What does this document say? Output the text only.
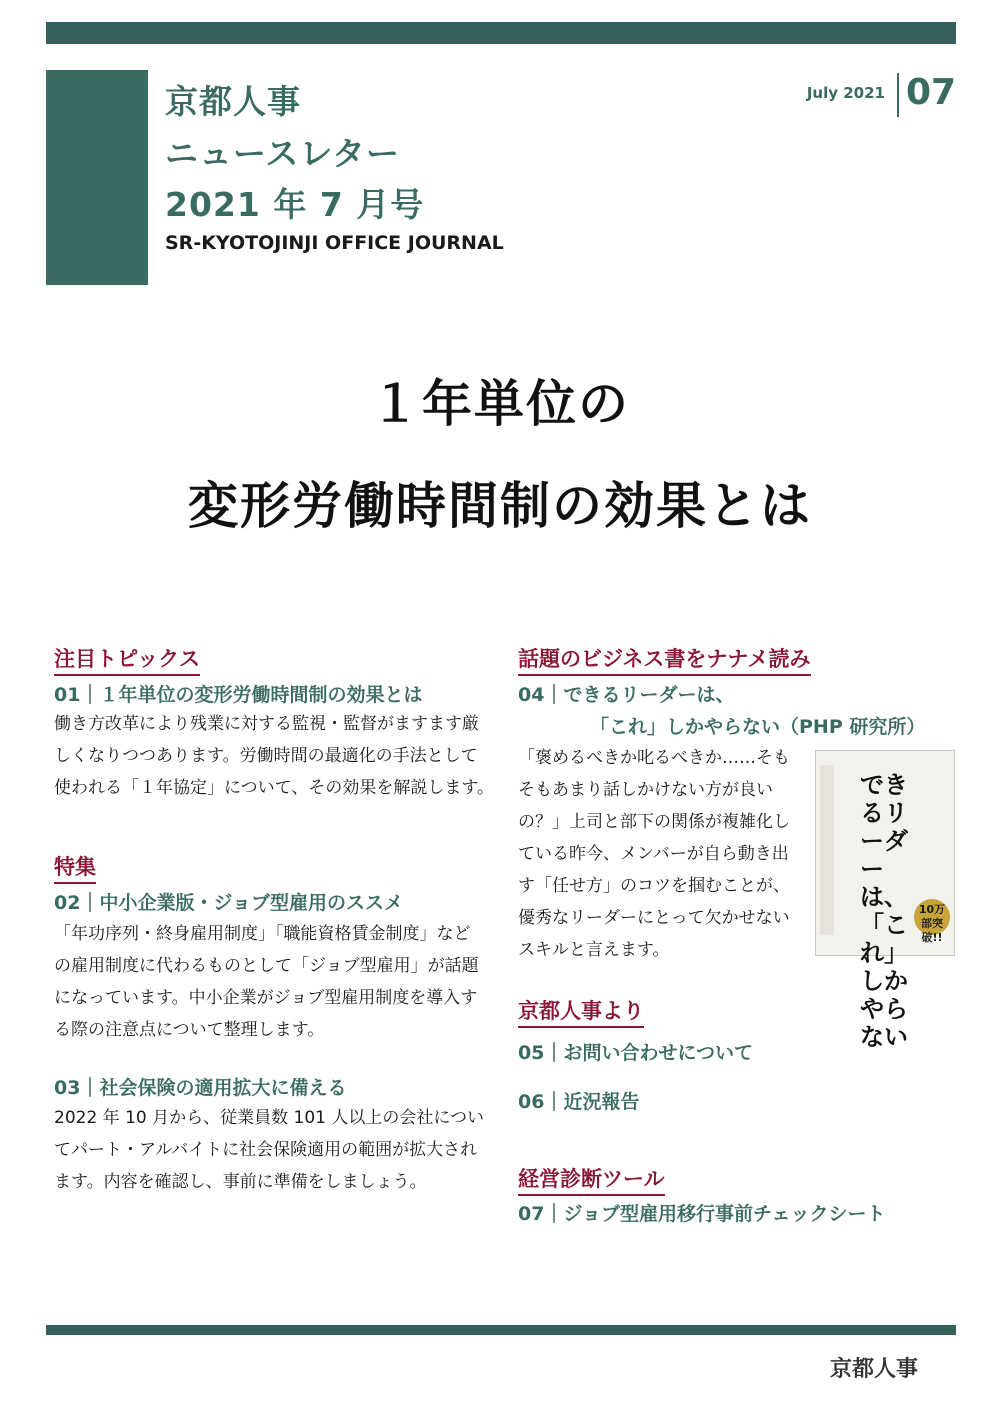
京都人事
ニュースレター
2021 年 7 月号
SR-KYOTOJINJI OFFICE JOURNAL
July 2021 07
１年単位の
変形労働時間制の効果とは
注目トピックス
01｜１年単位の変形労働時間制の効果とは
働き方改革により残業に対する監視・監督がますます厳
しくなりつつあります。労働時間の最適化の手法として
使われる「１年協定」について、その効果を解説します。
特集
02｜中小企業版・ジョブ型雇用のススメ
「年功序列・終身雇用制度」「職能資格賃金制度」など
の雇用制度に代わるものとして「ジョブ型雇用」が話題
になっています。中小企業がジョブ型雇用制度を導入す
る際の注意点について整理します。
03｜社会保険の適用拡大に備える
2022 年 10 月から、従業員数 101 人以上の会社につい
てパート・アルバイトに社会保険適用の範囲が拡大され
ます。内容を確認し、事前に準備をしましょう。
話題のビジネス書をナナメ読み
04｜できるリーダーは、
「これ」しかやらない（PHP 研究所）
「褒めるべきか叱るべきか……そも
そもあまり話しかけない方が良い
の？」上司と部下の関係が複雑化し
ている昨今、メンバーが自ら動き出
す「任せ方」のコツを掴むことが、
優秀なリーダーにとって欠かせない
スキルと言えます。
できるリーダーは、「これ」しかやらない
10万部突破!!
京都人事より
05｜お問い合わせについて
06｜近況報告
経営診断ツール
07｜ジョブ型雇用移行事前チェックシート
京都人事
